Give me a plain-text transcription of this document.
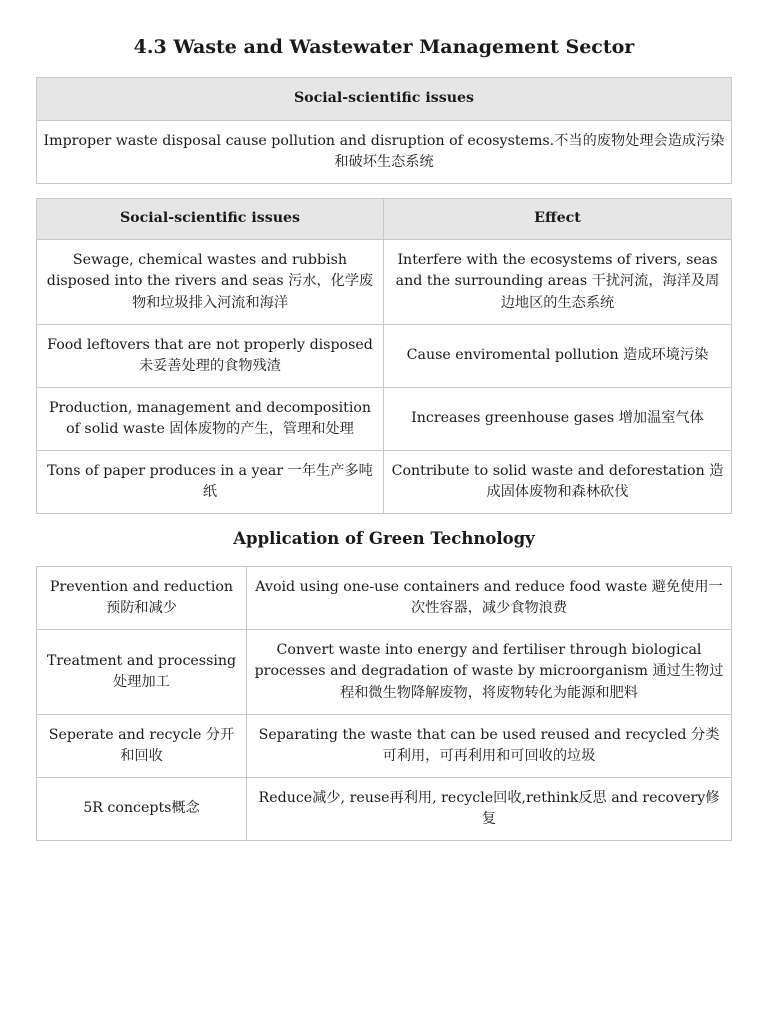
4.3 Waste and Wastewater Management Sector
Social-scientific issues
Improper waste disposal cause pollution and disruption of ecosystems.不当的废物处理会造成污染和破坏生态系统
Social-scientific issues	Effect
Sewage, chemical wastes and rubbish disposed into the rivers and seas 污水，化学废物和垃圾排入河流和海洋	Interfere with the ecosystems of rivers, seas and the surrounding areas 干扰河流，海洋及周边地区的生态系统
Food leftovers that are not properly disposed 未妥善处理的食物残渣	Cause enviromental pollution 造成环境污染
Production, management and decomposition of solid waste 固体废物的产生，管理和处理	Increases greenhouse gases 增加温室气体
Tons of paper produces in a year 一年生产多吨纸	Contribute to solid waste and deforestation 造成固体废物和森林砍伐
Application of Green Technology
Prevention and reduction 预防和减少	Avoid using one-use containers and reduce food waste 避免使用一次性容器，减少食物浪费
Treatment and processing 处理加工	Convert waste into energy and fertiliser through biological processes and degradation of waste by microorganism 通过生物过程和微生物降解废物，将废物转化为能源和肥料
Seperate and recycle 分开和回收	Separating the waste that can be used reused and recycled 分类可利用，可再利用和可回收的垃圾
5R concepts概念	Reduce减少, reuse再利用, recycle回收,rethink反思 and recovery修复
